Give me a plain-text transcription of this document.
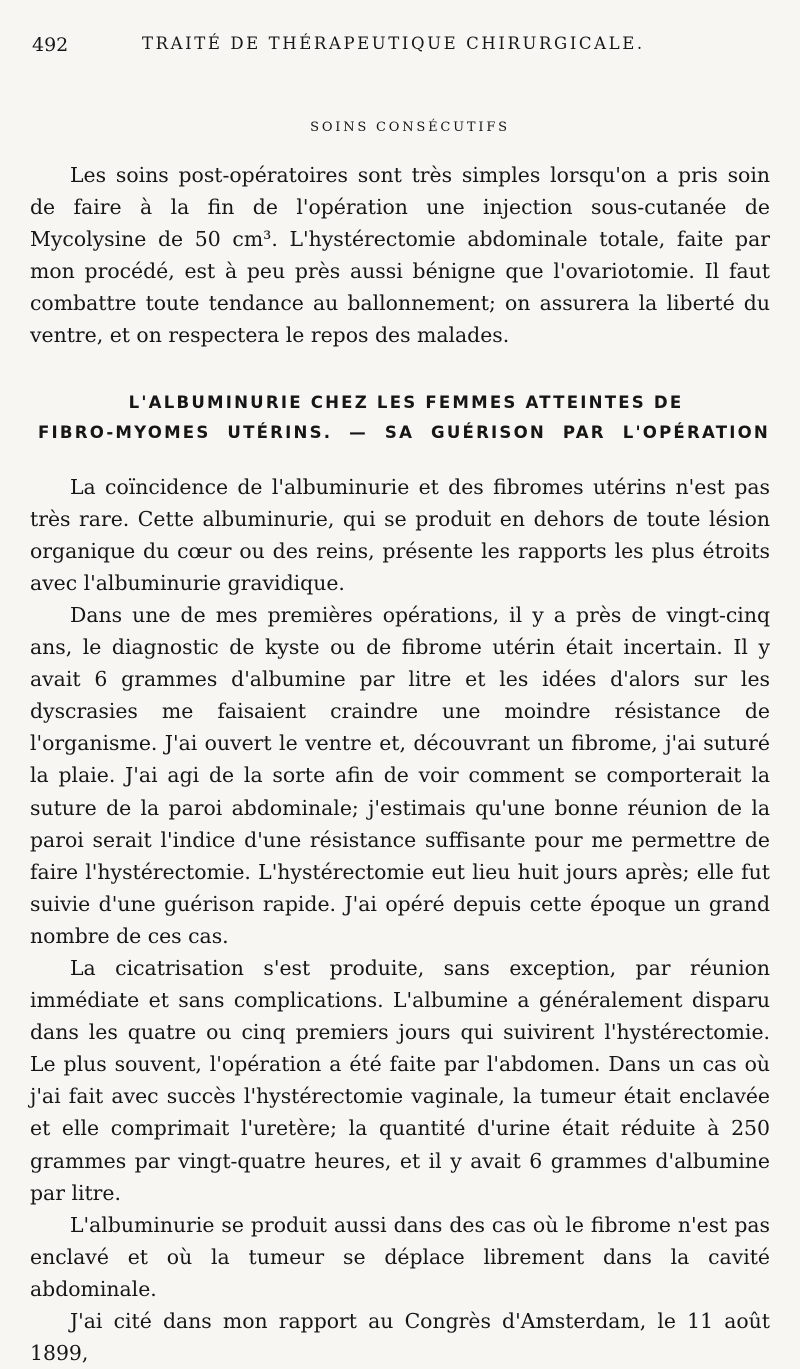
492	TRAITÉ DE THÉRAPEUTIQUE CHIRURGICALE.
SOINS CONSÉCUTIFS

Les soins post-opératoires sont très simples lorsqu'on a pris soin de faire à la fin de l'opération une injection sous-cutanée de Mycolysine de 50 cm³. L'hystérectomie abdominale totale, faite par mon procédé, est à peu près aussi bénigne que l'ovariotomie. Il faut combattre toute tendance au ballonnement; on assurera la liberté du ventre, et on respectera le repos des malades.

L'ALBUMINURIE CHEZ LES FEMMES ATTEINTES DE
FIBRO-MYOMES UTÉRINS. — SA GUÉRISON PAR L'OPÉRATION

La coïncidence de l'albuminurie et des fibromes utérins n'est pas très rare. Cette albuminurie, qui se produit en dehors de toute lésion organique du cœur ou des reins, présente les rapports les plus étroits avec l'albuminurie gravidique.

Dans une de mes premières opérations, il y a près de vingt-cinq ans, le diagnostic de kyste ou de fibrome utérin était incertain. Il y avait 6 grammes d'albumine par litre et les idées d'alors sur les dyscrasies me faisaient craindre une moindre résistance de l'organisme. J'ai ouvert le ventre et, découvrant un fibrome, j'ai suturé la plaie. J'ai agi de la sorte afin de voir comment se comporterait la suture de la paroi abdominale; j'estimais qu'une bonne réunion de la paroi serait l'indice d'une résistance suffisante pour me permettre de faire l'hystérectomie. L'hystérectomie eut lieu huit jours après; elle fut suivie d'une guérison rapide. J'ai opéré depuis cette époque un grand nombre de ces cas.

La cicatrisation s'est produite, sans exception, par réunion immédiate et sans complications. L'albumine a généralement disparu dans les quatre ou cinq premiers jours qui suivirent l'hystérectomie. Le plus souvent, l'opération a été faite par l'abdomen. Dans un cas où j'ai fait avec succès l'hystérectomie vaginale, la tumeur était enclavée et elle comprimait l'uretère; la quantité d'urine était réduite à 250 grammes par vingt-quatre heures, et il y avait 6 grammes d'albumine par litre.

L'albuminurie se produit aussi dans des cas où le fibrome n'est pas enclavé et où la tumeur se déplace librement dans la cavité abdominale.

J'ai cité dans mon rapport au Congrès d'Amsterdam, le 11 août 1899,
